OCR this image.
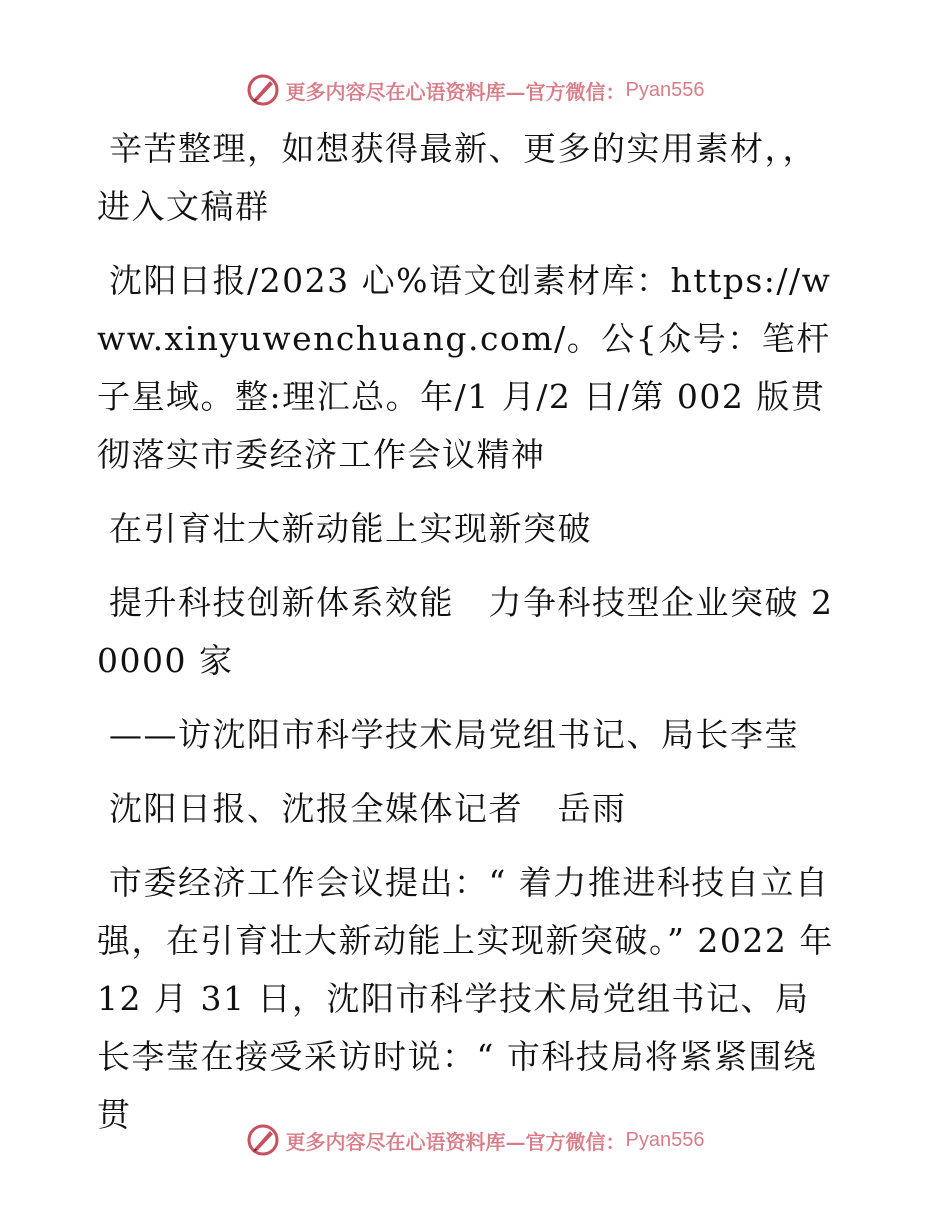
更多内容尽在心语资料库—官方微信： Pyan556

辛苦整理，如想获得最新、更多的实用素材，，进入文稿群

沈阳日报/2023 心%语文创素材库：https://www.xinyuwenchuang.com/。公{众号：笔杆子星域。整:理汇总。年/1 月/2 日/第 002 版贯彻落实市委经济工作会议精神

在引育壮大新动能上实现新突破

提升科技创新体系效能　力争科技型企业突破 20000 家

——访沈阳市科学技术局党组书记、局长李莹

沈阳日报、沈报全媒体记者　岳雨

市委经济工作会议提出：“ 着力推进科技自立自强，在引育壮大新动能上实现新突破。” 2022 年 12 月 31 日，沈阳市科学技术局党组书记、局长李莹在接受采访时说：“ 市科技局将紧紧围绕贯

更多内容尽在心语资料库—官方微信： Pyan556
